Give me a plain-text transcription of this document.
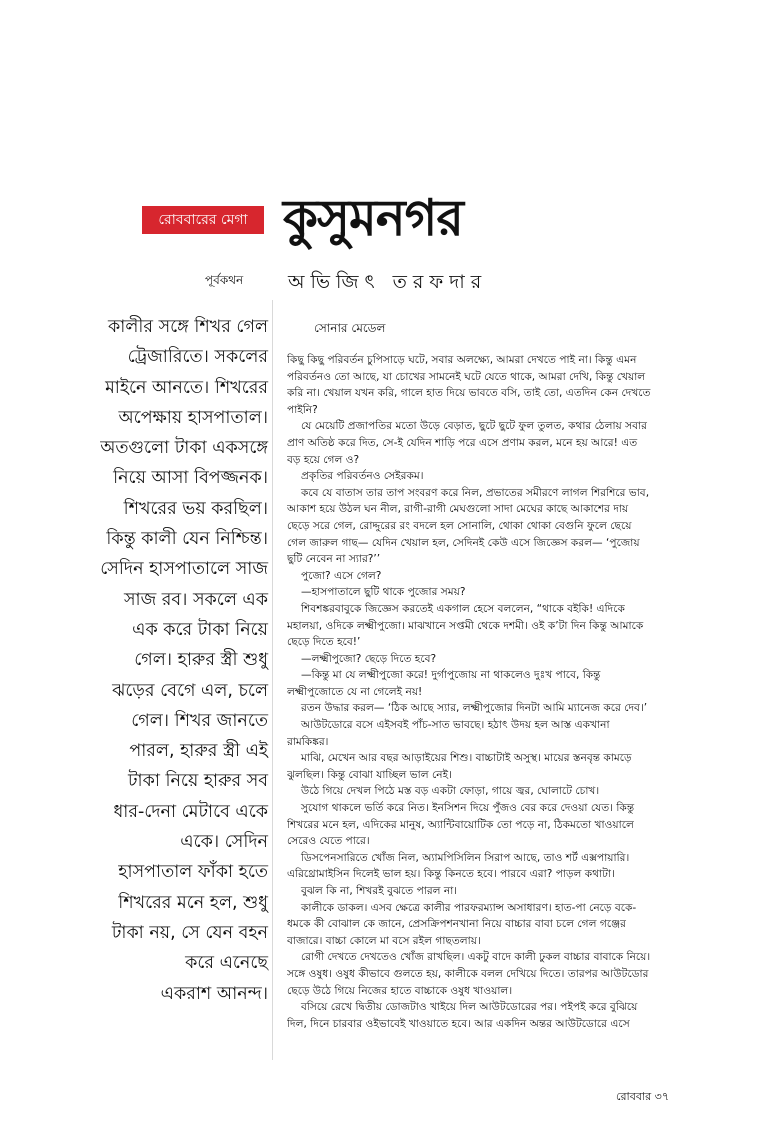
রোববারের মেগা কুসুমনগর
পূর্বকথন অভিজিৎ তরফদার
কালীর সঙ্গে শিখর গেল
ট্রেজারিতে। সকলের
মাইনে আনতে। শিখরের
অপেক্ষায় হাসপাতাল।
অতগুলো টাকা একসঙ্গে
নিয়ে আসা বিপজ্জনক।
শিখরের ভয় করছিল।
কিন্তু কালী যেন নিশ্চিন্ত।
সেদিন হাসপাতালে সাজ
সাজ রব। সকলে এক
এক করে টাকা নিয়ে
গেল। হারুর স্ত্রী শুধু
ঝড়ের বেগে এল, চলে
গেল। শিখর জানতে
পারল, হারুর স্ত্রী এই
টাকা নিয়ে হারুর সব
ধার-দেনা মেটাবে একে
একে। সেদিন
হাসপাতাল ফাঁকা হতে
শিখরের মনে হল, শুধু
টাকা নয়, সে যেন বহন
করে এনেছে
একরাশ আনন্দ।
সোনার মেডেল
কিছু কিছু পরিবর্তন চুপিসাড়ে ঘটে, সবার অলক্ষ্যে, আমরা দেখতে পাই না। কিন্তু এমন
পরিবর্তনও তো আছে, যা চোখের সামনেই ঘটে যেতে থাকে, আমরা দেখি, কিন্তু খেয়াল
করি না। খেয়াল যখন করি, গালে হাত দিয়ে ভাবতে বসি, তাই তো, এতদিন কেন দেখতে
পাইনি?
যে মেয়েটি প্রজাপতির মতো উড়ে বেড়াত, ছুটে ছুটে ফুল তুলত, কথার ঠেলায় সবার
প্রাণ অতিষ্ঠ করে দিত, সে-ই যেদিন শাড়ি পরে এসে প্রণাম করল, মনে হয় আরে! এত
বড় হয়ে গেল ও?
প্রকৃতির পরিবর্তনও সেইরকম।
কবে যে বাতাস তার তাপ সংবরণ করে নিল, প্রভাতের সমীরণে লাগল শিরশিরে ভাব,
আকাশ হয়ে উঠল ঘন নীল, রাগী-রাগী মেঘগুলো সাদা মেঘের কাছে আকাশের দায়
ছেড়ে সরে গেল, রোদ্দুরের রং বদলে হল সোনালি, থোকা থোকা বেগুনি ফুলে ছেয়ে
গেল জারুল গাছ— যেদিন খেয়াল হল, সেদিনই কেউ এসে জিজ্ঞেস করল— ‘পুজোয়
ছুটি নেবেন না স্যার?’’
পুজো? এসে গেল?
—হাসপাতালে ছুটি থাকে পুজোর সময়?
শিবশঙ্করবাবুকে জিজ্ঞেস করতেই একগাল হেসে বললেন, “থাকে বইকি! এদিকে
মহালয়া, ওদিকে লক্ষ্মীপুজো। মাঝখানে সপ্তমী থেকে দশমী। ওই ক’টা দিন কিন্তু আমাকে
ছেড়ে দিতে হবে!’
—লক্ষ্মীপুজো? ছেড়ে দিতে হবে?
—কিন্তু মা যে লক্ষ্মীপুজো করে! দুর্গাপুজোয় না থাকলেও দুঃখ পাবে, কিন্তু
লক্ষ্মীপুজোতে যে না গেলেই নয়!
রতন উদ্ধার করল— ‘ঠিক আছে স্যার, লক্ষ্মীপুজোর দিনটা আমি ম্যানেজ করে দেব।’
আউটডোরে বসে এইসবই পাঁচ-সাত ভাবছে। হঠাৎ উদয় হল আস্ত একখানা
রামকিঙ্কর।
মাঝি, মেখেন আর বছর আড়াইয়ের শিশু। বাচ্চাটাই অসুস্থ। মায়ের স্তনবৃন্ত কামড়ে
ঝুলছিল। কিন্তু বোঝা যাচ্ছিল ভাল নেই।
উঠে গিয়ে দেখল পিঠে মস্ত বড় একটা ফোড়া, গায়ে জ্বর, ঘোলাটে চোখ।
সুযোগ থাকলে ভর্তি করে নিত। ইনসিশন দিয়ে পুঁজও বের করে দেওয়া যেত। কিন্তু
শিখরের মনে হল, এদিকের মানুষ, অ্যান্টিবায়োটিক তো পড়ে না, ঠিকমতো খাওয়ালে
সেরেও যেতে পারে।
ডিসপেনসারিতে খোঁজ নিল, অ্যামপিসিলিন সিরাপ আছে, তাও শর্ট এক্সপায়ারি।
এরিথ্রোমাইসিন দিলেই ভাল হয়। কিন্তু কিনতে হবে। পারবে এরা? পাড়ল কথাটা।
বুঝল কি না, শিখরই বুঝতে পারল না।
কালীকে ডাকল। এসব ক্ষেত্রে কালীর পারফরম্যান্স অসাধারণ। হাত-পা নেড়ে বকে-
ধমকে কী বোঝাল কে জানে, প্রেসক্রিপশনখানা নিয়ে বাচ্চার বাবা চলে গেল গঞ্জের
বাজারে। বাচ্চা কোলে মা বসে রইল গাছতলায়।
রোগী দেখতে দেখতেও খোঁজ রাখছিল। একটু বাদে কালী ঢুকল বাচ্চার বাবাকে নিয়ে।
সঙ্গে ওষুধ। ওষুধ কীভাবে গুলতে হয়, কালীকে বলল দেখিয়ে দিতে। তারপর আউটডোর
ছেড়ে উঠে গিয়ে নিজের হাতে বাচ্চাকে ওষুধ খাওয়াল।
বসিয়ে রেখে দ্বিতীয় ডোজটাও খাইয়ে দিল আউটডোরের পর। পইপই করে বুঝিয়ে
দিল, দিনে চারবার ওইভাবেই খাওয়াতে হবে। আর একদিন অন্তর আউটডোরে এসে
রোববার ৩৭
